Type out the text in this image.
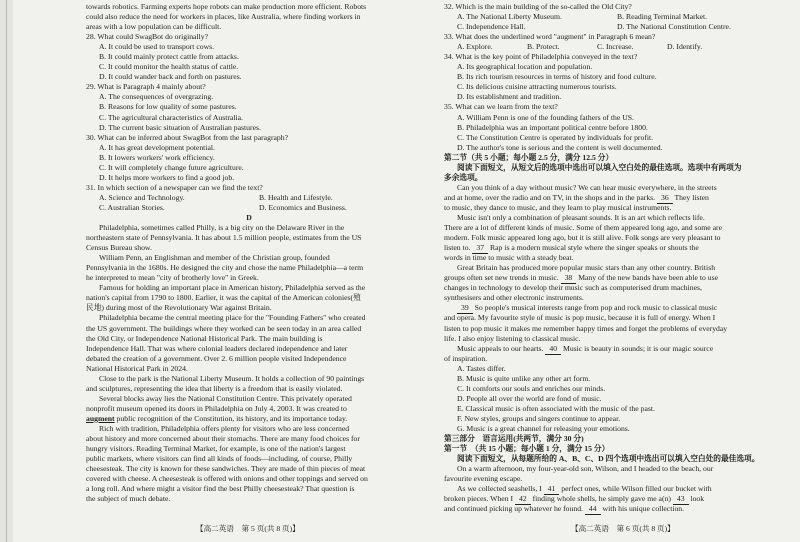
towards robotics. Farming experts hope robots can make production more efficient. Robots
could also reduce the need for workers in places, like Australia, where finding workers in
areas with a low population can be difficult.
28. What could SwagBot do originally?
A. It could be used to transport cows.
B. It could mainly protect cattle from attacks.
C. It could monitor the health status of cattle.
D. It could wander back and forth on pastures.
29. What is Paragraph 4 mainly about?
A. The consequences of overgrazing.
B. Reasons for low quality of some pastures.
C. The agricultural characteristics of Australia.
D. The current basic situation of Australian pastures.
30. What can be inferred about SwagBot from the last paragraph?
A. It has great development potential.
B. It lowers workers' work efficiency.
C. It will completely change future agriculture.
D. It helps more workers to find a good job.
31. In which section of a newspaper can we find the text?
A. Science and Technology.	B. Health and Lifestyle.
C. Australian Stories.	D. Economics and Business.
D
Philadelphia, sometimes called Philly, is a big city on the Delaware River in the
northeastern state of Pennsylvania. It has about 1.5 million people, estimates from the US
Census Bureau show.
William Penn, an Englishman and member of the Christian group, founded
Pennsylvania in the 1680s. He designed the city and chose the name Philadelphia—a term
he interpreted to mean "city of brotherly love" in Greek.
Famous for holding an important place in American history, Philadelphia served as the
nation's capital from 1790 to 1800. Earlier, it was the capital of the American colonies(殖
民地) during most of the Revolutionary War against Britain.
Philadelphia became the central meeting place for the "Founding Fathers" who created
the US government. The buildings where they worked can be seen today in an area called
the Old City, or Independence National Historical Park. The main building is
Independence Hall. That was where colonial leaders declared independence and later
debated the creation of a government. Over 2. 6 million people visited Independence
National Historical Park in 2024.
Close to the park is the National Liberty Museum. It holds a collection of 90 paintings
and sculptures, representing the idea that liberty is a freedom that is easily violated.
Several blocks away lies the National Constitution Centre. This privately operated
nonprofit museum opened its doors in Philadelphia on July 4, 2003. It was created to
augment public recognition of the Constitution, its history, and its importance today.
Rich with tradition, Philadelphia offers plenty for visitors who are less concerned
about history and more concerned about their stomachs. There are many food choices for
hungry visitors. Reading Terminal Market, for example, is one of the nation's largest
public markets, where visitors can find all kinds of foods—including, of course, Philly
cheesesteak. The city is known for these sandwiches. They are made of thin pieces of meat
covered with cheese. A cheesesteak is offered with onions and other toppings and served on
a long roll. And where might a visitor find the best Philly cheesesteak? That question is
the subject of much debate.
32. Which is the main building of the so-called the Old City?
A. The National Liberty Museum.	B. Reading Terminal Market.
C. Independence Hall.	D. The National Constitution Centre.
33. What does the underlined word "augment" in Paragraph 6 mean?
A. Explore.	B. Protect.	C. Increase.	D. Identify.
34. What is the key point of Philadelphia conveyed in the text?
A. Its geographical location and population.
B. Its rich tourism resources in terms of history and food culture.
C. Its delicious cuisine attracting numerous tourists.
D. Its establishment and tradition.
35. What can we learn from the text?
A. William Penn is one of the founding fathers of the US.
B. Philadelphia was an important political centre before 1800.
C. The Constitution Centre is operated by individuals for profit.
D. The author's tone is serious and the content is well documented.
第二节（共 5 小题；每小题 2.5 分，满分 12.5 分）
阅读下面短文，从短文后的选项中选出可以填入空白处的最佳选项。选项中有两项为
多余选项。
Can you think of a day without music? We can hear music everywhere, in the streets
and at home, over the radio and on TV, in the shops and in the parks. 36 They listen
to music, they dance to music, and they learn to play musical instruments.
Music isn't only a combination of pleasant sounds. It is an art which reflects life.
There are a lot of different kinds of music. Some of them appeared long ago, and some are
modern. Folk music appeared long ago, but it is still alive. Folk songs are very pleasant to
listen to. 37 Rap is a modern musical style where the singer speaks or shouts the
words in time to music with a steady beat.
Great Britain has produced more popular music stars than any other country. British
groups often set new trends in music. 38 Many of the new bands have been able to use
changes in technology to develop their music such as computerised drum machines,
synthesisers and other electronic instruments.
39 So people's musical interests range from pop and rock music to classical music
and opera. My favourite style of music is pop music, because it is full of energy. When I
listen to pop music it makes me remember happy times and forget the problems of everyday
life. I also enjoy listening to classical music.
Music appeals to our hearts. 40 Music is beauty in sounds; it is our magic source
of inspiration.
A. Tastes differ.
B. Music is quite unlike any other art form.
C. It comforts our souls and enriches our minds.
D. People all over the world are fond of music.
E. Classical music is often associated with the music of the past.
F. New styles, groups and singers continue to appear.
G. Music is a great channel for releasing your emotions.
第三部分　语言运用(共两节，满分 30 分)
第一节　（共 15 小题；每小题 1 分，满分 15 分）
阅读下面短文，从每题所给的 A、B、C、D 四个选项中选出可以填入空白处的最佳选项。
On a warm afternoon, my four-year-old son, Wilson, and I headed to the beach, our
favourite evening escape.
As we collected seashells, I 41 perfect ones, while Wilson filled our bucket with
broken pieces. When I 42 finding whole shells, he simply gave me a(n) 43 look
and continued picking up whatever he found. 44 with his unique collection.
【高二英语　第 5 页(共 8 页)】	【高二英语　第 6 页(共 8 页)】
